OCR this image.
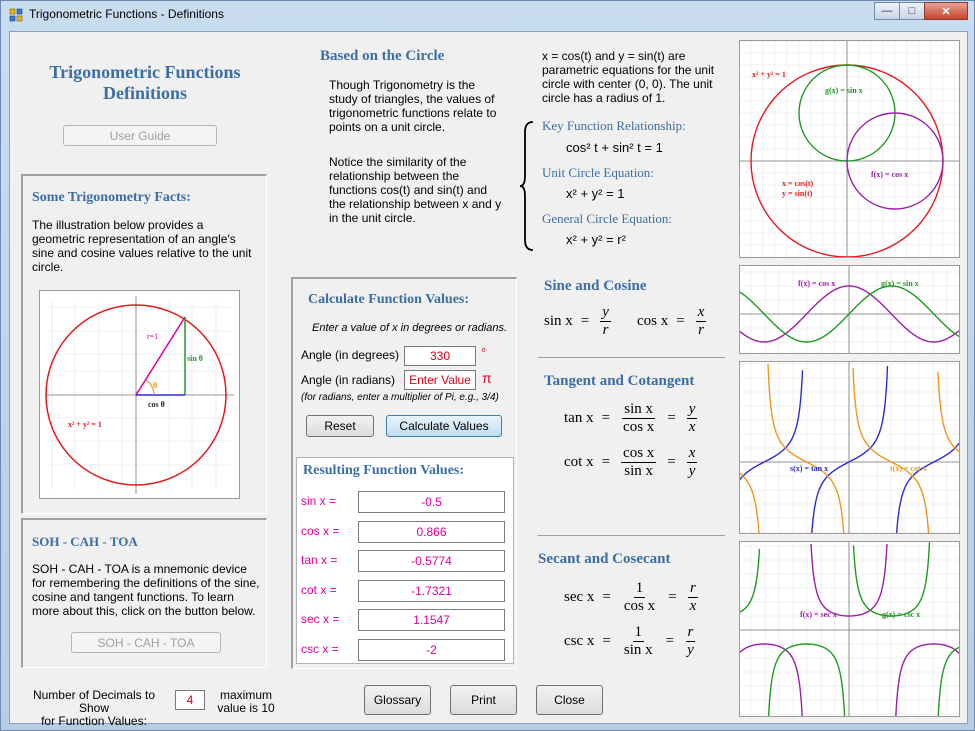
Trigonometric Functions - Definitions	—	□	✕
Trigonometric Functions
Definitions
User Guide
Some Trigonometry Facts:
The illustration below provides a geometric representation of an angle's sine and cosine values relative to the unit circle.
r=1
sin θ
cos θ
θ
x² + y² = 1
SOH - CAH - TOA
SOH - CAH - TOA is a mnemonic device for remembering the definitions of the sine, cosine and tangent functions. To learn more about this, click on the button below.
SOH - CAH - TOA
Number of Decimals to Show
for Function Values:
4	maximum
value is 10
Based on the Circle
Though Trigonometry is the study of triangles, the values of trigonometric functions relate to points on a unit circle.
Notice the similarity of the relationship between the functions cos(t) and sin(t) and the relationship between x and y in the unit circle.
x = cos(t) and y = sin(t) are parametric equations for the unit circle with center (0, 0). The unit circle has a radius of 1.
Key Function Relationship:
cos² t + sin² t = 1
Unit Circle Equation:
x² + y² = 1
General Circle Equation:
x² + y² = r²
Calculate Function Values:
Enter a value of x in degrees or radians.
Angle (in degrees)	330	°
Angle (in radians)	Enter Value π
(for radians, enter a multiplier of Pi, e.g., 3/4)
Reset	Calculate Values
Resulting Function Values:
sin x =	-0.5
cos x =	0.866
tan x =	-0.5774
cot x =	-1.7321
sec x =	1.1547
csc x =	-2
Sine and Cosine
$\sin x = \frac{y}{r}$ $\cos x = \frac{x}{r}$
Tangent and Cotangent
$\tan x = \frac{\text{sin x}}{\text{cos x}} = \frac{y}{x}$
$\cot x = \frac{\text{cos x}}{\text{sin x}} = \frac{x}{y}$
Secant and Cosecant
$\sec x = \frac{1}{\text{cos x}} = \frac{r}{x}$
$\csc x = \frac{1}{\text{sin x}} = \frac{r}{y}$
x² + y² = 1
g(x) = sin x
f(x) = cos x
x = cos(t)
y = sin(t)
f(x) = cos x	g(x) = sin x
s(x) = tan x	t(x) = cot x
f(x) = sec x	g(x) = csc x
Glossary	Print	Close
